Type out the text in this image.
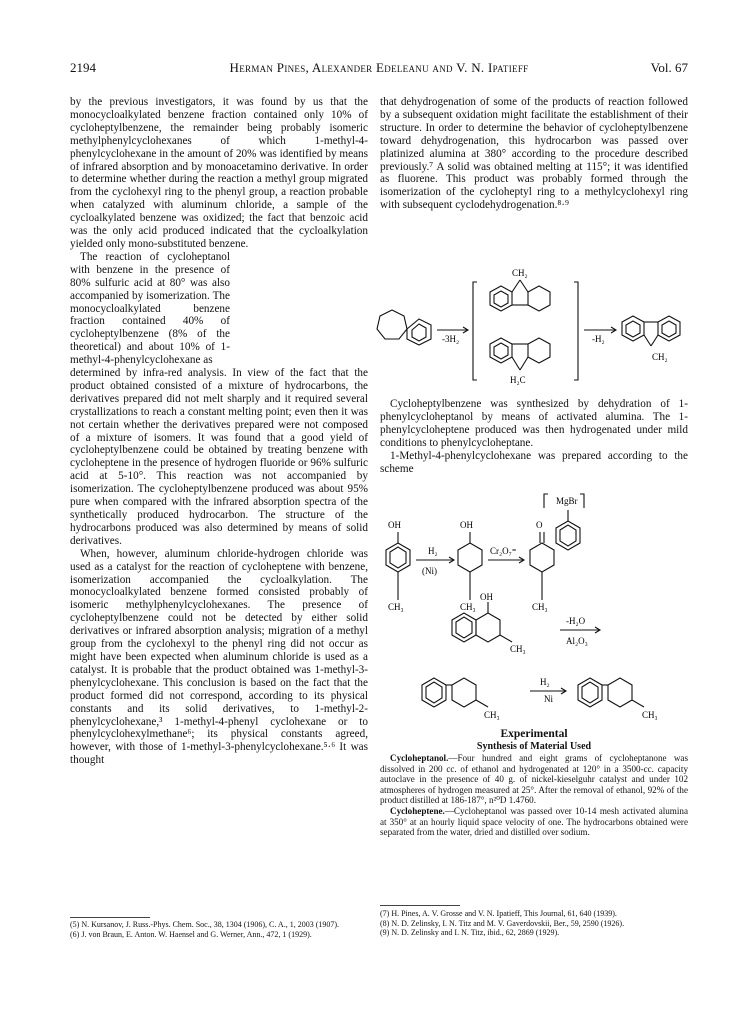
2194	Herman Pines, Alexander Edeleanu and V. N. Ipatieff	Vol. 67

by the previous investigators, it was found by us that the monocycloalkylated benzene fraction contained only 10% of cycloheptylbenzene, the remainder being probably isomeric methylphenylcyclohexanes of which 1-methyl-4-phenylcyclohexane in the amount of 20% was identified by means of infrared absorption and by monoacetamino derivative. In order to determine whether during the reaction a methyl group migrated from the cyclohexyl ring to the phenyl group, a reaction probable when catalyzed with aluminum chloride, a sample of the cycloalkylated benzene was oxidized; the fact that benzoic acid was the only acid produced indicated that the cycloalkylation yielded only mono-substituted benzene.

The reaction of cycloheptanol with benzene in the presence of 80% sulfuric acid at 80° was also accompanied by isomerization. The monocycloalkylated benzene fraction contained 40% of cycloheptylbenzene (8% of the theoretical) and about 10% of 1-methyl-4-phenylcyclohexane as

determined by infra-red analysis. In view of the fact that the product obtained consisted of a mixture of hydrocarbons, the derivatives prepared did not melt sharply and it required several crystallizations to reach a constant melting point; even then it was not certain whether the derivatives prepared were not composed of a mixture of isomers. It was found that a good yield of cycloheptylbenzene could be obtained by treating benzene with cycloheptene in the presence of hydrogen fluoride or 96% sulfuric acid at 5-10°. This reaction was not accompanied by isomerization. The cycloheptylbenzene produced was about 95% pure when compared with the infrared absorption spectra of the synthetically produced hydrocarbon. The structure of the hydrocarbons produced was also determined by means of solid derivatives.

When, however, aluminum chloride-hydrogen chloride was used as a catalyst for the reaction of cycloheptene with benzene, isomerization accompanied the cycloalkylation. The monocycloalkylated benzene formed consisted probably of isomeric methylphenylcyclohexanes. The presence of cycloheptylbenzene could not be detected by either solid derivatives or infrared absorption analysis; migration of a methyl group from the cyclohexyl to the phenyl ring did not occur as might have been expected when aluminum chloride is used as a catalyst. It is probable that the product obtained was 1-methyl-3-phenylcyclohexane. This conclusion is based on the fact that the product formed did not correspond, according to its physical constants and its solid derivatives, to 1-methyl-2-phenylcyclohexane,³ 1-methyl-4-phenyl cyclohexane or to phenylcyclohexylmethane⁶; its physical constants agreed, however, with those of 1-methyl-3-phenylcyclohexane.⁵·⁶ It was thought

(5) N. Kursanov, J. Russ.-Phys. Chem. Soc., 38, 1304 (1906), C. A., 1, 2003 (1907).
(6) J. von Braun, E. Anton. W. Haensel and G. Werner, Ann., 472, 1 (1929).

that dehydrogenation of some of the products of reaction followed by a subsequent oxidation might facilitate the establishment of their structure. In order to determine the behavior of cycloheptylbenzene toward dehydrogenation, this hydrocarbon was passed over platinized alumina at 380° according to the procedure described previously.⁷ A solid was obtained melting at 115°; it was identified as fluorene. This product was probably formed through the isomerization of the cycloheptyl ring to a methylcyclohexyl ring with subsequent cyclodehydrogenation.⁸·⁹

CH₂
-3H₂	-H₂
CH₂
H₂C

Cycloheptylbenzene was synthesized by dehydration of 1-phenylcycloheptanol by means of activated alumina. The 1-phenylcycloheptene produced was then hydrogenated under mild conditions to phenylcycloheptane.

1-Methyl-4-phenylcyclohexane was prepared according to the scheme

MgBr
OH	OH	O
H₂
(Ni)
Cr₂O₇⁼
CH₃	CH₃	CH₃
OH
-H₂O
Al₂O₃
CH₃
H₂
Ni
CH₃	CH₃
Experimental
Synthesis of Material Used

Cycloheptanol.—Four hundred and eight grams of cycloheptanone was dissolved in 200 cc. of ethanol and hydrogenated at 120° in a 3500-cc. capacity autoclave in the presence of 40 g. of nickel-kieselguhr catalyst and under 102 atmospheres of hydrogen measured at 25°. After the removal of ethanol, 92% of the product distilled at 186-187°, n²⁰D 1.4760.

Cycloheptene.—Cycloheptanol was passed over 10-14 mesh activated alumina at 350° at an hourly liquid space velocity of one. The hydrocarbons obtained were separated from the water, dried and distilled over sodium.

(7) H. Pines, A. V. Grosse and V. N. Ipatieff, This Journal, 61, 640 (1939).
(8) N. D. Zelinsky, I. N. Titz and M. V. Gaverdovskii, Ber., 59, 2590 (1926).
(9) N. D. Zelinsky and I. N. Titz, ibid., 62, 2869 (1929).
